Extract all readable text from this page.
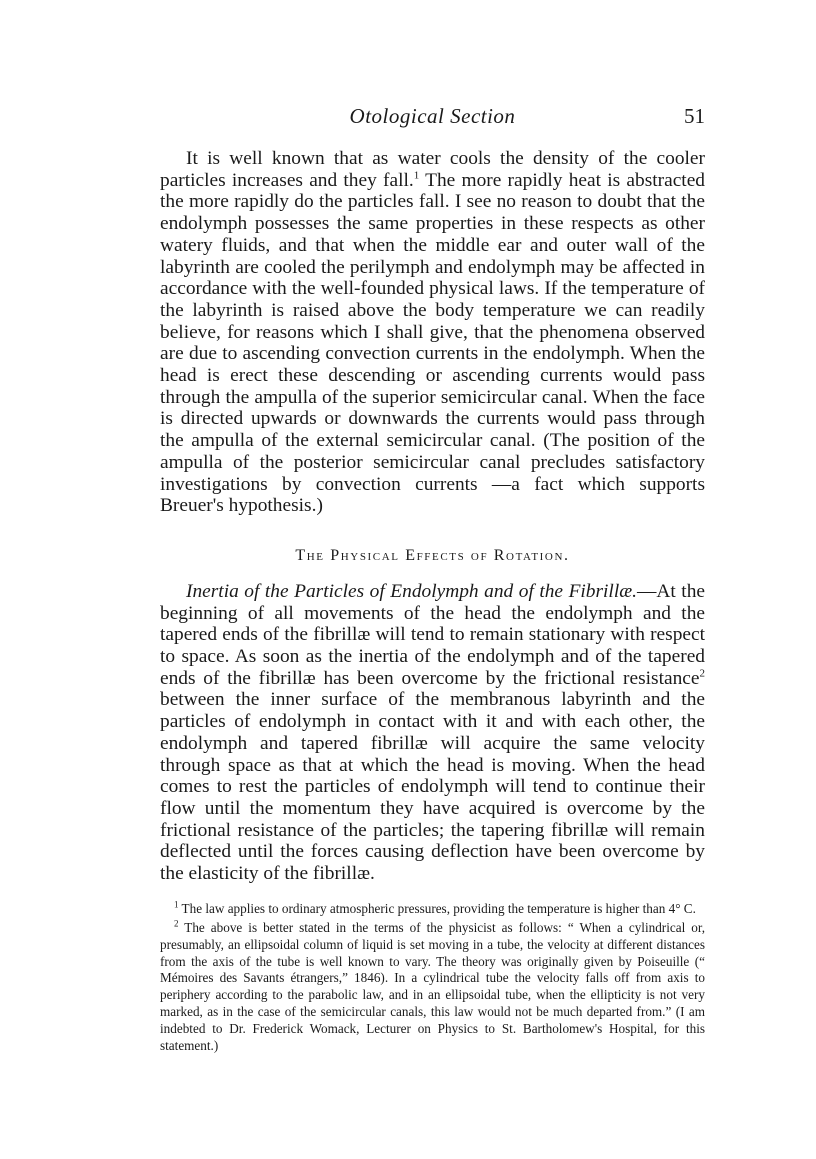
Otological Section	51

It is well known that as water cools the density of the cooler particles increases and they fall.$^1$ The more rapidly heat is abstracted the more rapidly do the particles fall. I see no reason to doubt that the endolymph possesses the same properties in these respects as other watery fluids, and that when the middle ear and outer wall of the labyrinth are cooled the perilymph and endolymph may be affected in accordance with the well-founded physical laws. If the temperature of the labyrinth is raised above the body temperature we can readily believe, for reasons which I shall give, that the phenomena observed are due to ascending convection currents in the endolymph. When the head is erect these descending or ascending currents would pass through the ampulla of the superior semicircular canal. When the face is directed upwards or downwards the currents would pass through the ampulla of the external semicircular canal. (The position of the ampulla of the posterior semicircular canal precludes satisfactory investigations by convection currents —a fact which supports Breuer's hypothesis.)

The Physical Effects of Rotation.

Inertia of the Particles of Endolymph and of the Fibrillæ.—At the beginning of all movements of the head the endolymph and the tapered ends of the fibrillæ will tend to remain stationary with respect to space. As soon as the inertia of the endolymph and of the tapered ends of the fibrillæ has been overcome by the frictional resistance$^2$ between the inner surface of the membranous labyrinth and the particles of endolymph in contact with it and with each other, the endolymph and tapered fibrillæ will acquire the same velocity through space as that at which the head is moving. When the head comes to rest the particles of endolymph will tend to continue their flow until the momentum they have acquired is overcome by the frictional resistance of the particles; the tapering fibrillæ will remain deflected until the forces causing deflection have been overcome by the elasticity of the fibrillæ.

$^1$ The law applies to ordinary atmospheric pressures, providing the temperature is higher than 4° C.

$^2$ The above is better stated in the terms of the physicist as follows: “ When a cylindrical or, presumably, an ellipsoidal column of liquid is set moving in a tube, the velocity at different distances from the axis of the tube is well known to vary. The theory was originally given by Poiseuille (“ Mémoires des Savants étrangers,” 1846). In a cylindrical tube the velocity falls off from axis to periphery according to the parabolic law, and in an ellipsoidal tube, when the ellipticity is not very marked, as in the case of the semicircular canals, this law would not be much departed from.” (I am indebted to Dr. Frederick Womack, Lecturer on Physics to St. Bartholomew's Hospital, for this statement.)
